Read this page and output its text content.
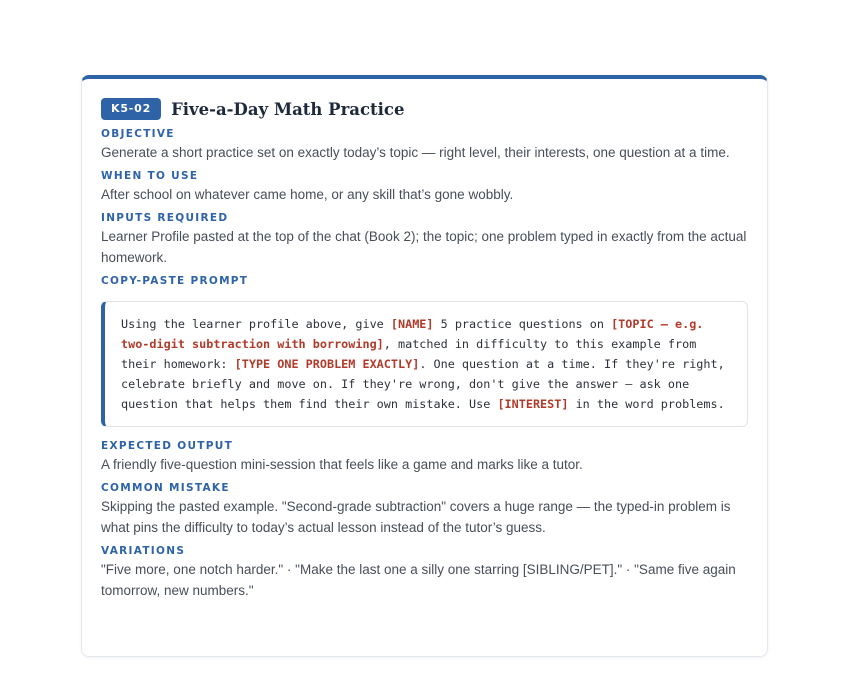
K5-02	Five-a-Day Math Practice
OBJECTIVE
Generate a short practice set on exactly today’s topic — right level, their interests, one question at a time.
WHEN TO USE
After school on whatever came home, or any skill that’s gone wobbly.
INPUTS REQUIRED
Learner Profile pasted at the top of the chat (Book 2); the topic; one problem typed in exactly from the actual homework.
COPY-PASTE PROMPT
Using the learner profile above, give [NAME] 5 practice questions on [TOPIC — e.g. two-digit subtraction with borrowing], matched in difficulty to this example from their homework: [TYPE ONE PROBLEM EXACTLY]. One question at a time. If they're right, celebrate briefly and move on. If they're wrong, don't give the answer — ask one question that helps them find their own mistake. Use [INTEREST] in the word problems.
EXPECTED OUTPUT
A friendly five-question mini-session that feels like a game and marks like a tutor.
COMMON MISTAKE
Skipping the pasted example. "Second-grade subtraction" covers a huge range — the typed-in problem is what pins the difficulty to today’s actual lesson instead of the tutor’s guess.
VARIATIONS
"Five more, one notch harder." · "Make the last one a silly one starring [SIBLING/PET]." · "Same five again tomorrow, new numbers."
